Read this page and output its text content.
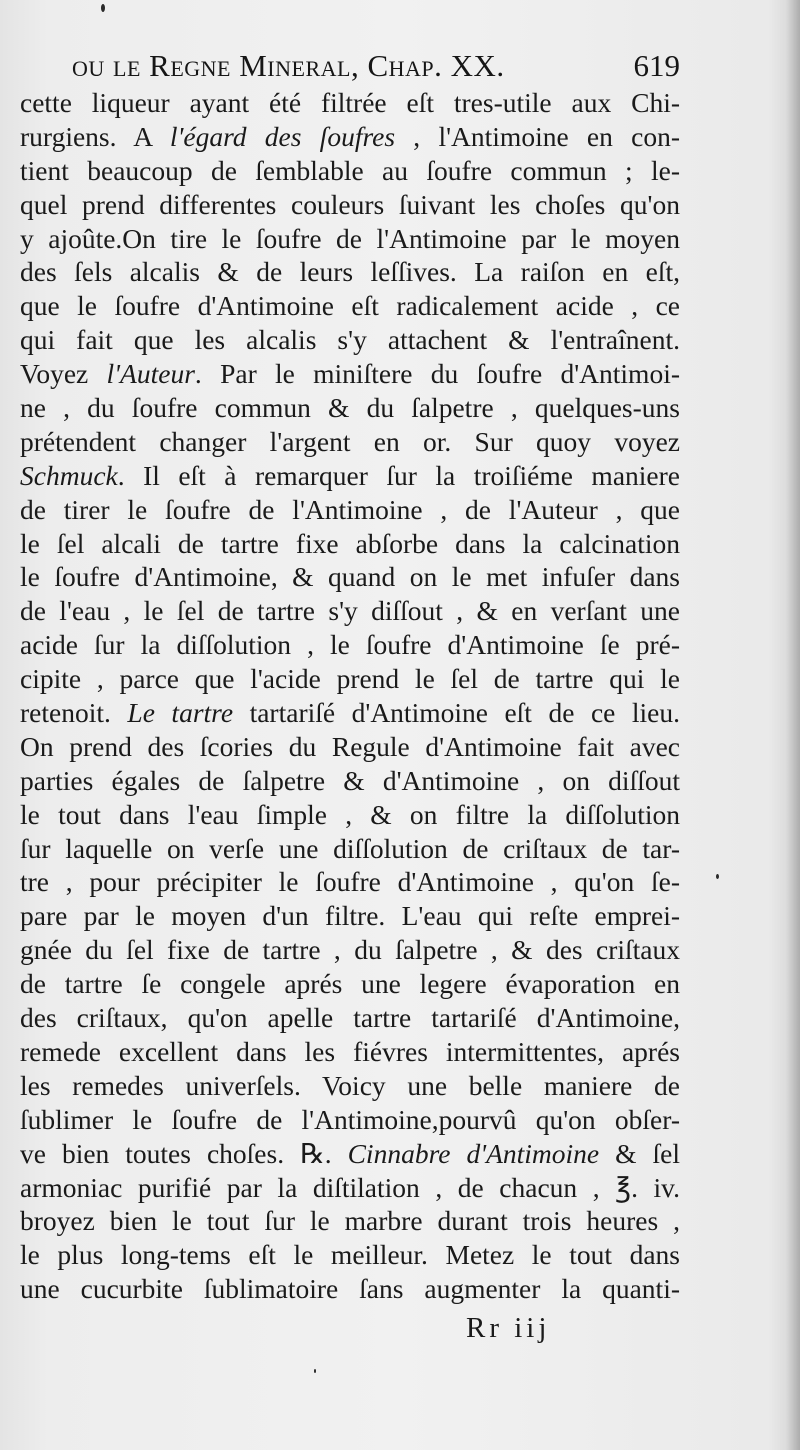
ou le Regne Mineral, Chap. XX.	619
cette liqueur ayant été filtrée eſt tres-utile aux Chi-
rurgiens. A l'égard des ſoufres , l'Antimoine en con-
tient beaucoup de ſemblable au ſoufre commun ; le-
quel prend differentes couleurs ſuivant les choſes qu'on
y ajoûte.On tire le ſoufre de l'Antimoine par le moyen
des ſels alcalis & de leurs leſſives. La raiſon en eſt,
que le ſoufre d'Antimoine eſt radicalement acide , ce
qui fait que les alcalis s'y attachent & l'entraînent.
Voyez l'Auteur. Par le miniſtere du ſoufre d'Antimoi-
ne , du ſoufre commun & du ſalpetre , quelques-uns
prétendent changer l'argent en or. Sur quoy voyez
Schmuck. Il eſt à remarquer ſur la troiſiéme maniere
de tirer le ſoufre de l'Antimoine , de l'Auteur , que
le ſel alcali de tartre fixe abſorbe dans la calcination
le ſoufre d'Antimoine, & quand on le met infuſer dans
de l'eau , le ſel de tartre s'y diſſout , & en verſant une
acide ſur la diſſolution , le ſoufre d'Antimoine ſe pré-
cipite , parce que l'acide prend le ſel de tartre qui le
retenoit. Le tartre tartariſé d'Antimoine eſt de ce lieu.
On prend des ſcories du Regule d'Antimoine fait avec
parties égales de ſalpetre & d'Antimoine , on diſſout
le tout dans l'eau ſimple , & on filtre la diſſolution
ſur laquelle on verſe une diſſolution de criſtaux de tar-
tre , pour précipiter le ſoufre d'Antimoine , qu'on ſe-
pare par le moyen d'un filtre. L'eau qui reſte emprei-
gnée du ſel fixe de tartre , du ſalpetre , & des criſtaux
de tartre ſe congele aprés une legere évaporation en
des criſtaux, qu'on apelle tartre tartariſé d'Antimoine,
remede excellent dans les fiévres intermittentes, aprés
les remedes univerſels. Voicy une belle maniere de
ſublimer le ſoufre de l'Antimoine,pourvû qu'on obſer-
ve bien toutes choſes. ℞. Cinnabre d'Antimoine & ſel
armoniac purifié par la diſtilation , de chacun , ℥. iv.
broyez bien le tout ſur le marbre durant trois heures ,
le plus long-tems eſt le meilleur. Metez le tout dans
une cucurbite ſublimatoire ſans augmenter la quanti-
Rr iij
